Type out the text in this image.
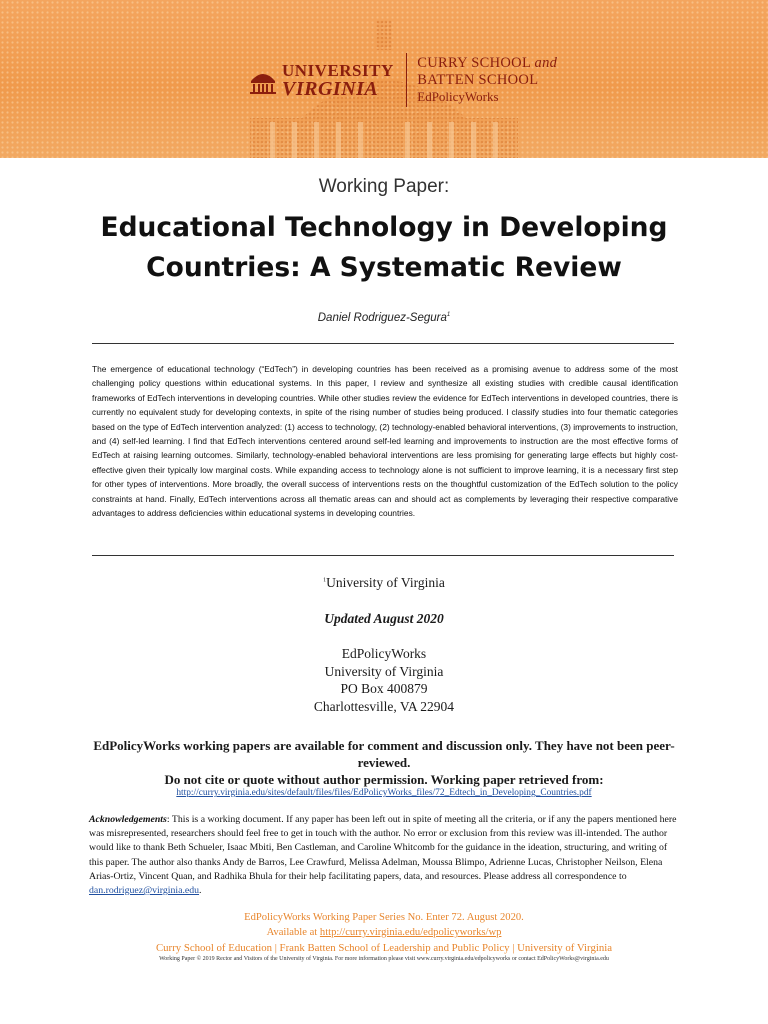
UNIVERSITY
VIRGINIA
CURRY SCHOOL and
BATTEN SCHOOL
EdPolicyWorks
Working Paper:
Educational Technology in Developing Countries: A Systematic Review
Daniel Rodriguez-Segura$^1$
The emergence of educational technology (“EdTech”) in developing countries has been received as a promising avenue to address some of the most challenging policy questions within educational systems. In this paper, I review and synthesize all existing studies with credible causal identification frameworks of EdTech interventions in developing countries. While other studies review the evidence for EdTech interventions in developed countries, there is currently no equivalent study for developing contexts, in spite of the rising number of studies being produced. I classify studies into four thematic categories based on the type of EdTech intervention analyzed: (1) access to technology, (2) technology-enabled behavioral interventions, (3) improvements to instruction, and (4) self-led learning. I find that EdTech interventions centered around self-led learning and improvements to instruction are the most effective forms of EdTech at raising learning outcomes. Similarly, technology-enabled behavioral interventions are less promising for generating large effects but highly cost-effective given their typically low marginal costs. While expanding access to technology alone is not sufficient to improve learning, it is a necessary first step for other types of interventions. More broadly, the overall success of interventions rests on the thoughtful customization of the EdTech solution to the policy constraints at hand. Finally, EdTech interventions across all thematic areas can and should act as complements by leveraging their respective comparative advantages to address deficiencies within educational systems in developing countries.
$^1$University of Virginia
Updated August 2020
EdPolicyWorks
University of Virginia
PO Box 400879
Charlottesville, VA 22904
EdPolicyWorks working papers are available for comment and discussion only. They have not been peer-reviewed.
Do not cite or quote without author permission. Working paper retrieved from:
http://curry.virginia.edu/sites/default/files/files/EdPolicyWorks_files/72_Edtech_in_Developing_Countries.pdf
Acknowledgements: This is a working document. If any paper has been left out in spite of meeting all the criteria, or if any the papers mentioned here was misrepresented, researchers should feel free to get in touch with the author. No error or exclusion from this review was ill-intended. The author would like to thank Beth Schueler, Isaac Mbiti, Ben Castleman, and Caroline Whitcomb for the guidance in the ideation, structuring, and writing of this paper. The author also thanks Andy de Barros, Lee Crawfurd, Melissa Adelman, Moussa Blimpo, Adrienne Lucas, Christopher Neilson, Elena Arias-Ortiz, Vincent Quan, and Radhika Bhula for their help facilitating papers, data, and resources. Please address all correspondence to dan.rodriguez@virginia.edu.
EdPolicyWorks Working Paper Series No. Enter 72. August 2020.
Available at http://curry.virginia.edu/edpolicyworks/wp
Curry School of Education | Frank Batten School of Leadership and Public Policy | University of Virginia
Working Paper © 2019 Rector and Visitors of the University of Virginia. For more information please visit www.curry.virginia.edu/edpolicyworks or contact EdPolicyWorks@virginia.edu
